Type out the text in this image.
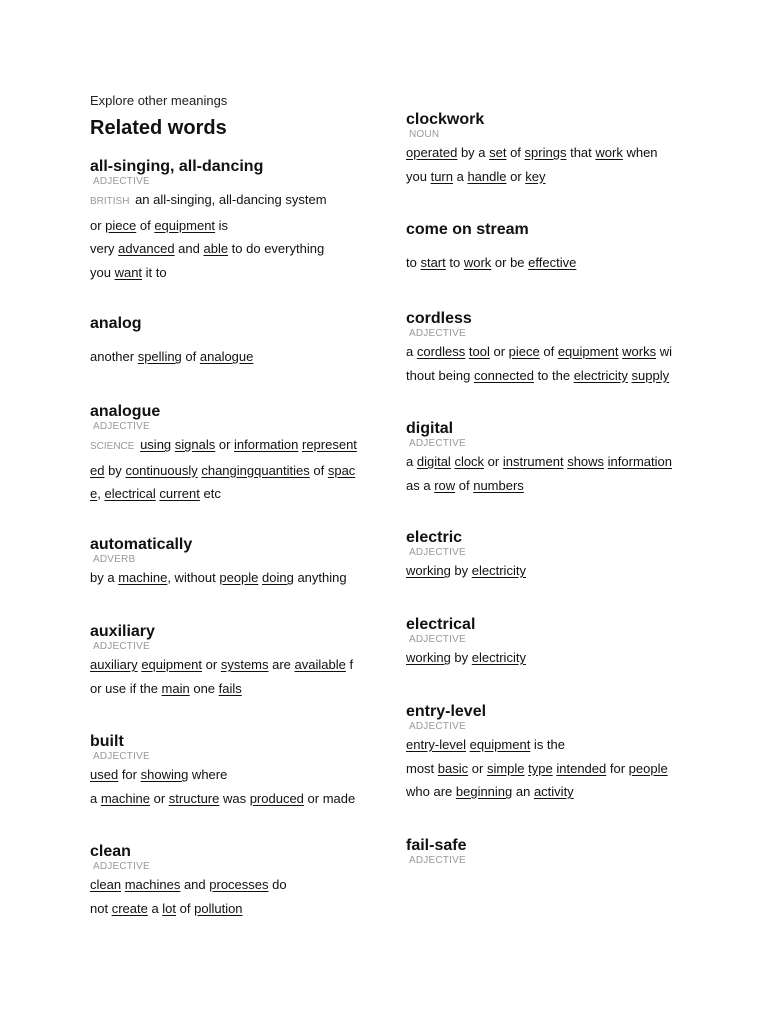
Explore other meanings
Related words
all-singing, all-dancing
ADJECTIVE
BRITISH an all-singing, all-dancing system
or piece of equipment is
very advanced and able to do everything
you want it to
analog
another spelling of analogue
analogue
ADJECTIVE
SCIENCE using signals or information represent
ed by continuously changingquantities of spac
e, electrical current etc
automatically
ADVERB
by a machine, without people doing anything
auxiliary
ADJECTIVE
auxiliary equipment or systems are available f
or use if the main one fails
built
ADJECTIVE
used for showing where
a machine or structure was produced or made
clean
ADJECTIVE
clean machines and processes do
not create a lot of pollution
clockwork
NOUN
operated by a set of springs that work when
you turn a handle or key
come on stream
to start to work or be effective
cordless
ADJECTIVE
a cordless tool or piece of equipment works wi
thout being connected to the electricity supply
digital
ADJECTIVE
a digital clock or instrument shows information
as a row of numbers
electric
ADJECTIVE
working by electricity
electrical
ADJECTIVE
working by electricity
entry-level
ADJECTIVE
entry-level equipment is the
most basic or simple type intended for people
who are beginning an activity
fail-safe
ADJECTIVE
